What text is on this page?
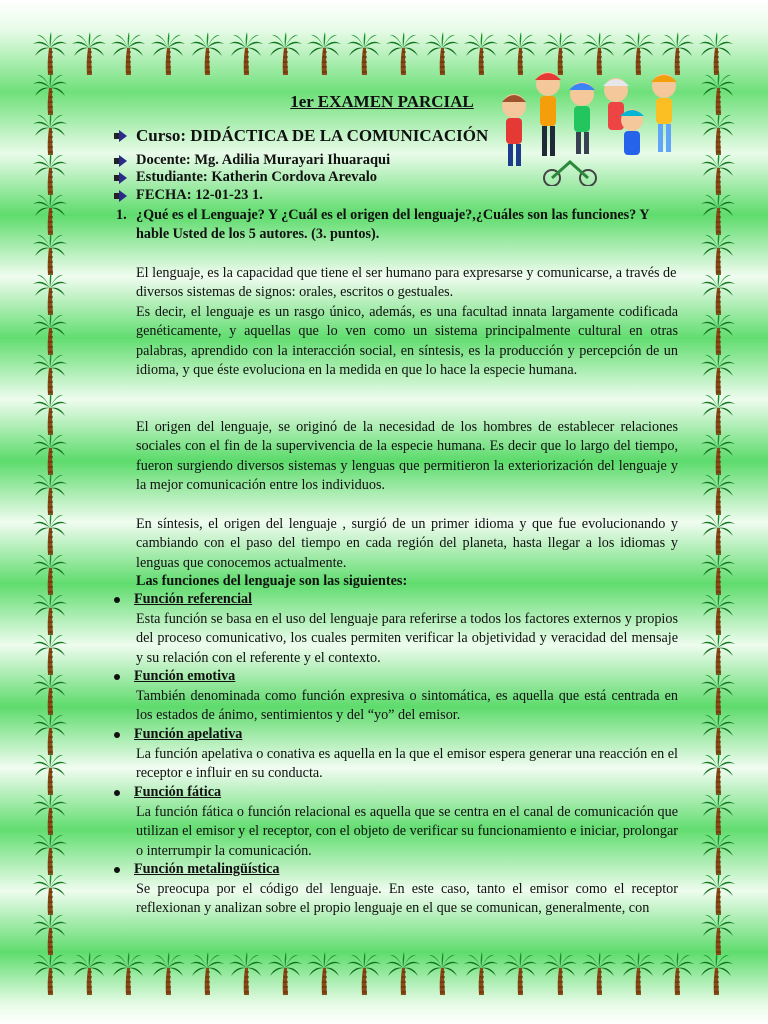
1er EXAMEN PARCIAL
Curso: DIDÁCTICA DE LA COMUNICACIÓN
Docente: Mg. Adilia Murayari Ihuaraqui
Estudiante: Katherin Cordova Arevalo
FECHA: 12-01-23 1.
1. ¿Qué es el Lenguaje? Y ¿Cuál es el origen del lenguaje?,¿Cuáles son las funciones? Y hable Usted de los 5 autores. (3. puntos).
El lenguaje, es la capacidad que tiene el ser humano para expresarse y comunicarse, a través de diversos sistemas de signos: orales, escritos o gestuales.
Es decir, el lenguaje es un rasgo único, además, es una facultad innata largamente codificada genéticamente, y aquellas que lo ven como un sistema principalmente cultural en otras palabras, aprendido con la interacción social, en síntesis, es la producción y percepción de un idioma, y que éste evoluciona en la medida en que lo hace la especie humana.
El origen del lenguaje, se originó de la necesidad de los hombres de establecer relaciones sociales con el fin de la supervivencia de la especie humana. Es decir que lo largo del tiempo, fueron surgiendo diversos sistemas y lenguas que permitieron la exteriorización del lenguaje y la mejor comunicación entre los individuos.
En síntesis, el origen del lenguaje , surgió de un primer idioma y que fue evolucionando y cambiando con el paso del tiempo en cada región del planeta, hasta llegar a los idiomas y lenguas que conocemos actualmente.
Las funciones del lenguaje son las siguientes:
Función referencial
Esta función se basa en el uso del lenguaje para referirse a todos los factores externos y propios del proceso comunicativo, los cuales permiten verificar la objetividad y veracidad del mensaje y su relación con el referente y el contexto.
Función emotiva
También denominada como función expresiva o sintomática, es aquella que está centrada en los estados de ánimo, sentimientos y del “yo” del emisor.
Función apelativa
La función apelativa o conativa es aquella en la que el emisor espera generar una reacción en el receptor e influir en su conducta.
Función fática
La función fática o función relacional es aquella que se centra en el canal de comunicación que utilizan el emisor y el receptor, con el objeto de verificar su funcionamiento e iniciar, prolongar o interrumpir la comunicación.
Función metalingüística
Se preocupa por el código del lenguaje. En este caso, tanto el emisor como el receptor reflexionan y analizan sobre el propio lenguaje en el que se comunican, generalmente, con
